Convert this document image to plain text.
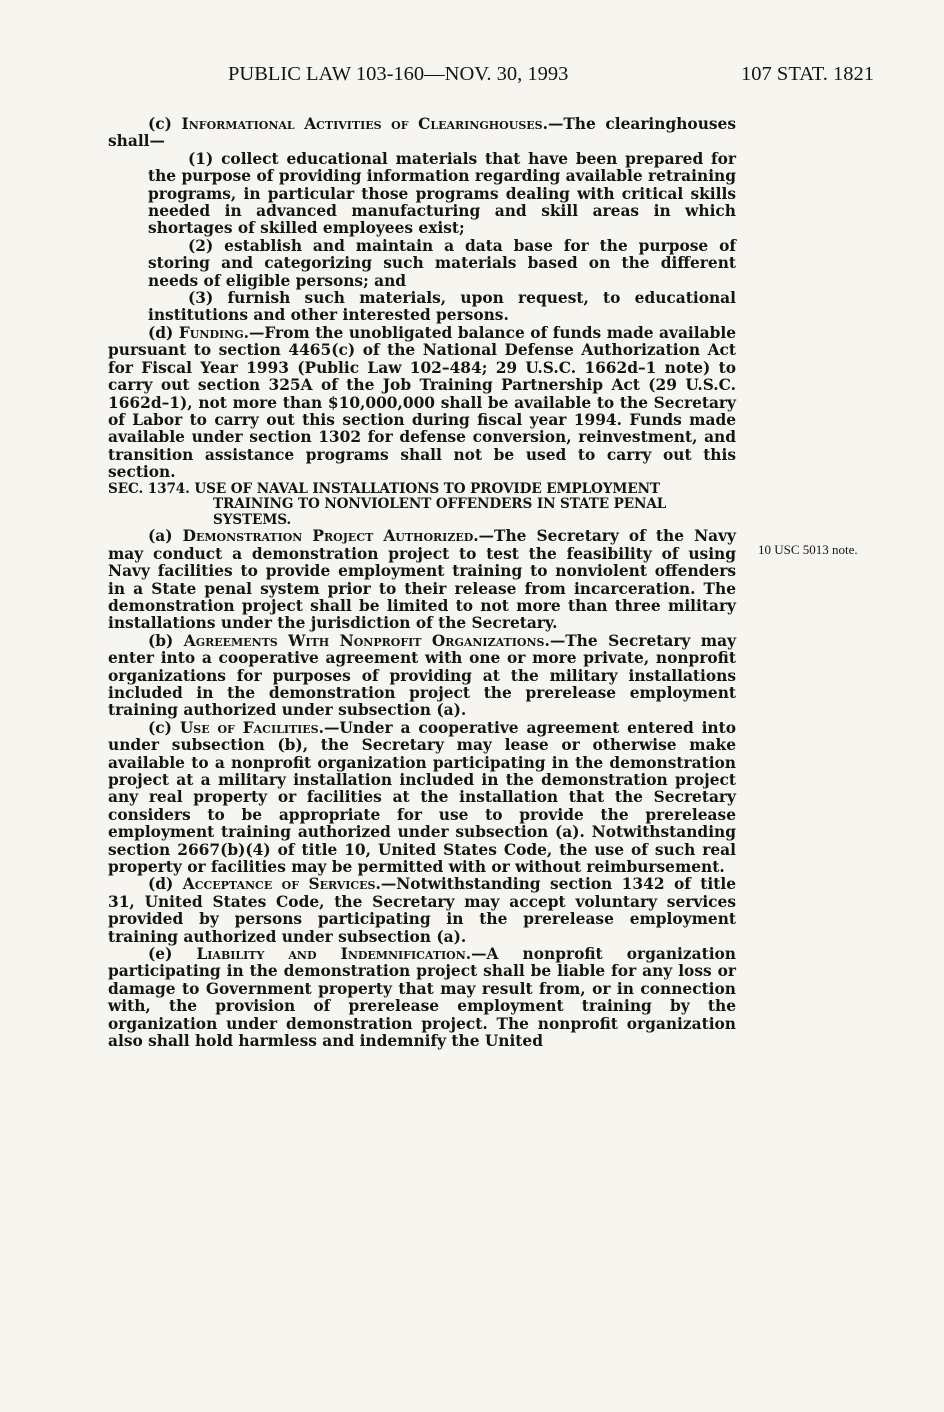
PUBLIC LAW 103-160—NOV. 30, 1993	107 STAT. 1821

(c) Informational Activities of Clearinghouses.—The clearinghouses shall—

(1) collect educational materials that have been prepared for the purpose of providing information regarding available retraining programs, in particular those programs dealing with critical skills needed in advanced manufacturing and skill areas in which shortages of skilled employees exist;

(2) establish and maintain a data base for the purpose of storing and categorizing such materials based on the different needs of eligible persons; and

(3) furnish such materials, upon request, to educational institutions and other interested persons.

(d) Funding.—From the unobligated balance of funds made available pursuant to section 4465(c) of the National Defense Authorization Act for Fiscal Year 1993 (Public Law 102–484; 29 U.S.C. 1662d–1 note) to carry out section 325A of the Job Training Partnership Act (29 U.S.C. 1662d–1), not more than $10,000,000 shall be available to the Secretary of Labor to carry out this section during fiscal year 1994. Funds made available under section 1302 for defense conversion, reinvestment, and transition assistance programs shall not be used to carry out this section.

SEC. 1374. USE OF NAVAL INSTALLATIONS TO PROVIDE EMPLOYMENT TRAINING TO NONVIOLENT OFFENDERS IN STATE PENAL SYSTEMS.

(a) Demonstration Project Authorized.—The Secretary of the Navy may conduct a demonstration project to test the feasibility of using Navy facilities to provide employment training to nonviolent offenders in a State penal system prior to their release from incarceration. The demonstration project shall be limited to not more than three military installations under the jurisdiction of the Secretary.

(b) Agreements With Nonprofit Organizations.—The Secretary may enter into a cooperative agreement with one or more private, nonprofit organizations for purposes of providing at the military installations included in the demonstration project the prerelease employment training authorized under subsection (a).

(c) Use of Facilities.—Under a cooperative agreement entered into under subsection (b), the Secretary may lease or otherwise make available to a nonprofit organization participating in the demonstration project at a military installation included in the demonstration project any real property or facilities at the installation that the Secretary considers to be appropriate for use to provide the prerelease employment training authorized under subsection (a). Notwithstanding section 2667(b)(4) of title 10, United States Code, the use of such real property or facilities may be permitted with or without reimbursement.

(d) Acceptance of Services.—Notwithstanding section 1342 of title 31, United States Code, the Secretary may accept voluntary services provided by persons participating in the prerelease employment training authorized under subsection (a).

(e) Liability and Indemnification.—A nonprofit organization participating in the demonstration project shall be liable for any loss or damage to Government property that may result from, or in connection with, the provision of prerelease employment training by the organization under demonstration project. The nonprofit organization also shall hold harmless and indemnify the United

10 USC 5013 note.
